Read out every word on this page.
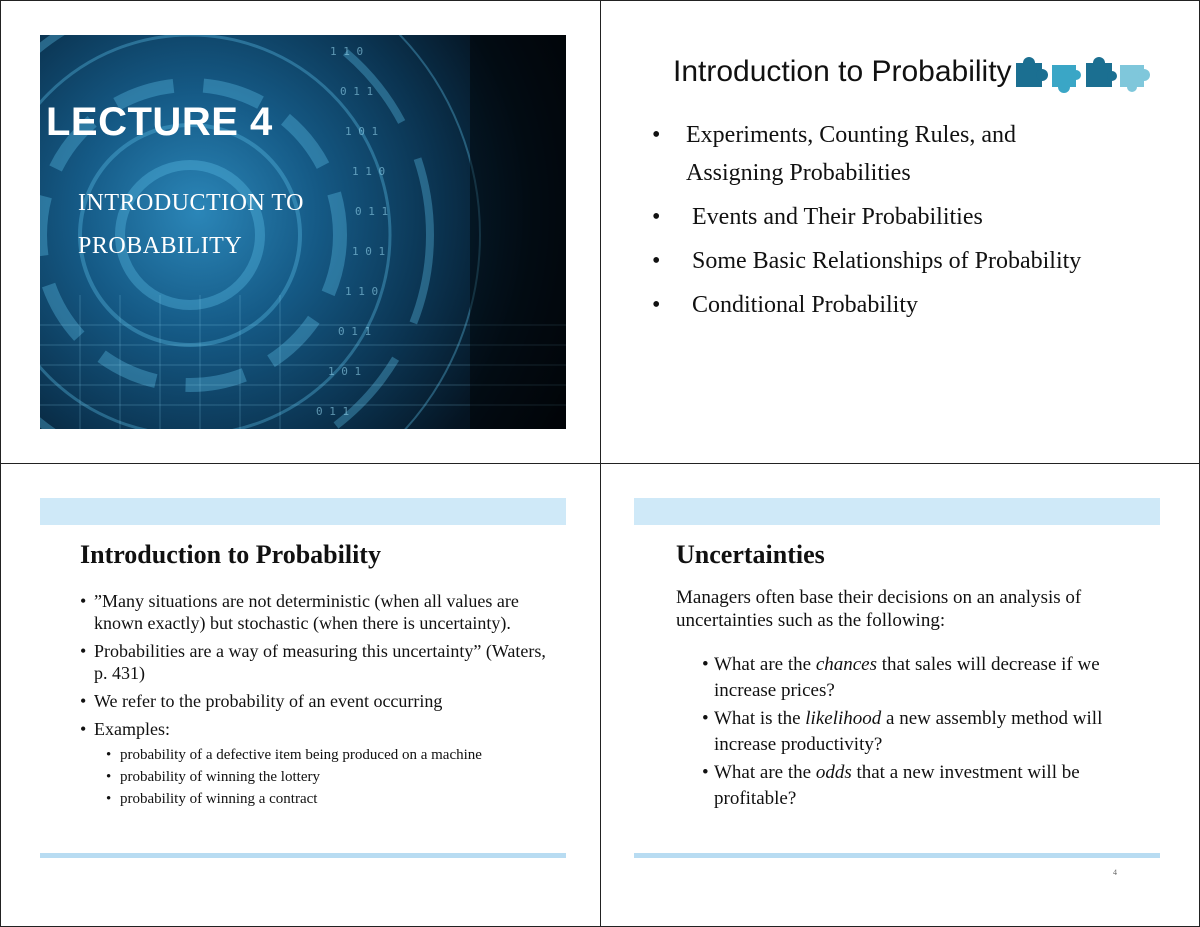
1 1 0
0 1 1
1 0 1
1 1 0
0 1 1
1 0 1
1 1 0
0 1 1
1 0 1
0 1 1
LECTURE 4
INTRODUCTION TO
PROBABILITY
Introduction to Probability
•	Experiments, Counting Rules, and
Assigning Probabilities
•	Events and Their Probabilities
•	Some Basic Relationships of Probability
•	Conditional Probability
Introduction to Probability
• ”Many situations are not deterministic (when all values are known exactly) but stochastic (when there is uncertainty).
• Probabilities are a way of measuring this uncertainty” (Waters, p. 431)
• We refer to the probability of an event occurring
• Examples:
• probability of a defective item being produced on a machine
• probability of winning the lottery
• probability of winning a contract
Uncertainties
Managers often base their decisions on an analysis of uncertainties such as the following:
• What are the chances that sales will decrease if we increase prices?
• What is the likelihood a new assembly method will increase productivity?
• What are the odds that a new investment will be profitable?
4
